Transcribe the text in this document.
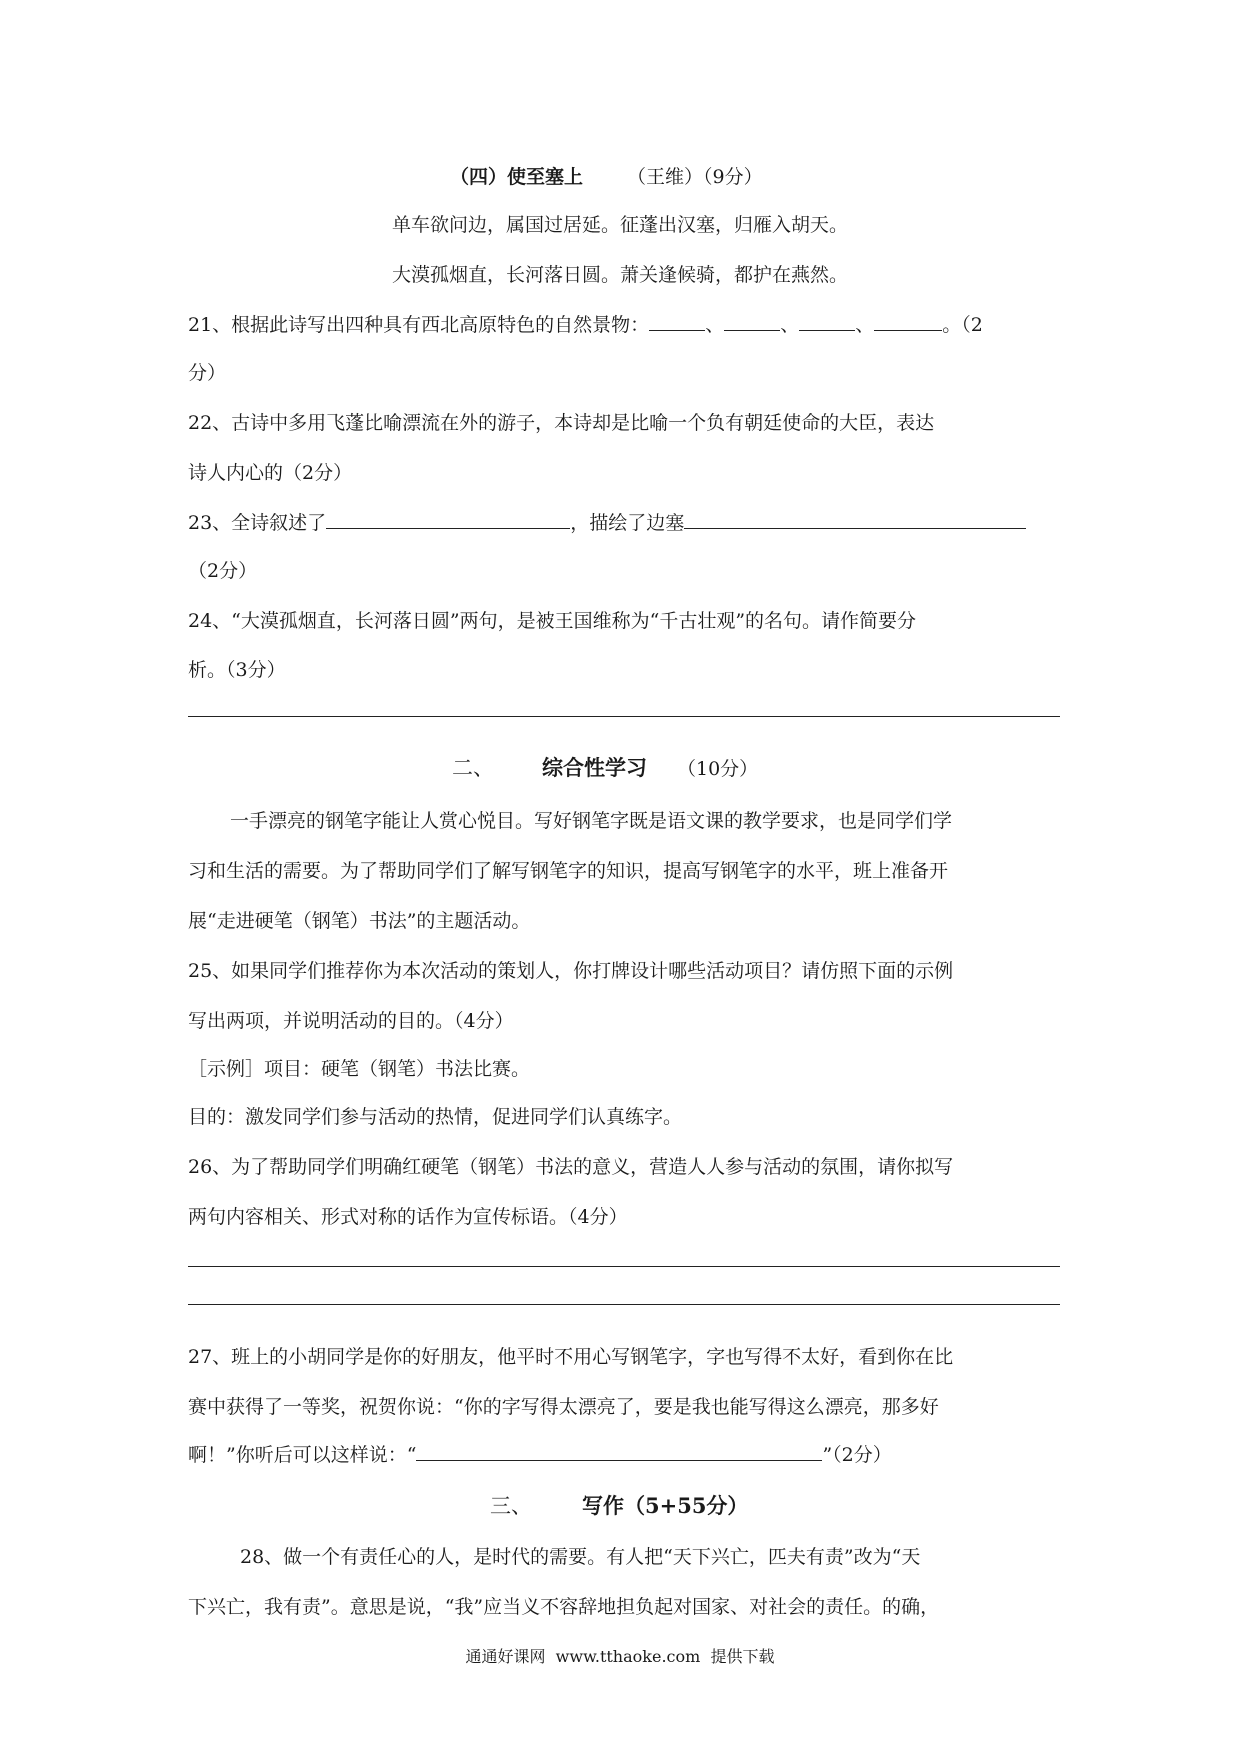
（四）使至塞上 （王维）（9分）
单车欲问边，属国过居延。征蓬出汉塞，归雁入胡天。
大漠孤烟直，长河落日圆。萧关逢候骑，都护在燕然。
21、根据此诗写出四种具有西北高原特色的自然景物：	、	、	、	。（2
分）
22、古诗中多用飞蓬比喻漂流在外的游子，本诗却是比喻一个负有朝廷使命的大臣，表达
诗人内心的（2分）
23、全诗叙述了	，描绘了边塞
（2分）
24、“大漠孤烟直，长河落日圆”两句，是被王国维称为“千古壮观”的名句。请作简要分
析。（3分）
二、 综合性学习 （10分）
一手漂亮的钢笔字能让人赏心悦目。写好钢笔字既是语文课的教学要求，也是同学们学
习和生活的需要。为了帮助同学们了解写钢笔字的知识，提高写钢笔字的水平，班上准备开
展“走进硬笔（钢笔）书法”的主题活动。
25、如果同学们推荐你为本次活动的策划人，你打牌设计哪些活动项目？请仿照下面的示例
写出两项，并说明活动的目的。（4分）
［示例］项目：硬笔（钢笔）书法比赛。
目的：激发同学们参与活动的热情，促进同学们认真练字。
26、为了帮助同学们明确红硬笔（钢笔）书法的意义，营造人人参与活动的氛围，请你拟写
两句内容相关、形式对称的话作为宣传标语。（4分）
27、班上的小胡同学是你的好朋友，他平时不用心写钢笔字，字也写得不太好，看到你在比
赛中获得了一等奖，祝贺你说：“你的字写得太漂亮了，要是我也能写得这么漂亮，那多好
啊！”你听后可以这样说：“	”（2分）
三、 写作（5+55分）
28、做一个有责任心的人，是时代的需要。有人把“天下兴亡，匹夫有责”改为“天
下兴亡，我有责”。意思是说，“我”应当义不容辞地担负起对国家、对社会的责任。的确，
通通好课网  www.tthaoke.com  提供下载
